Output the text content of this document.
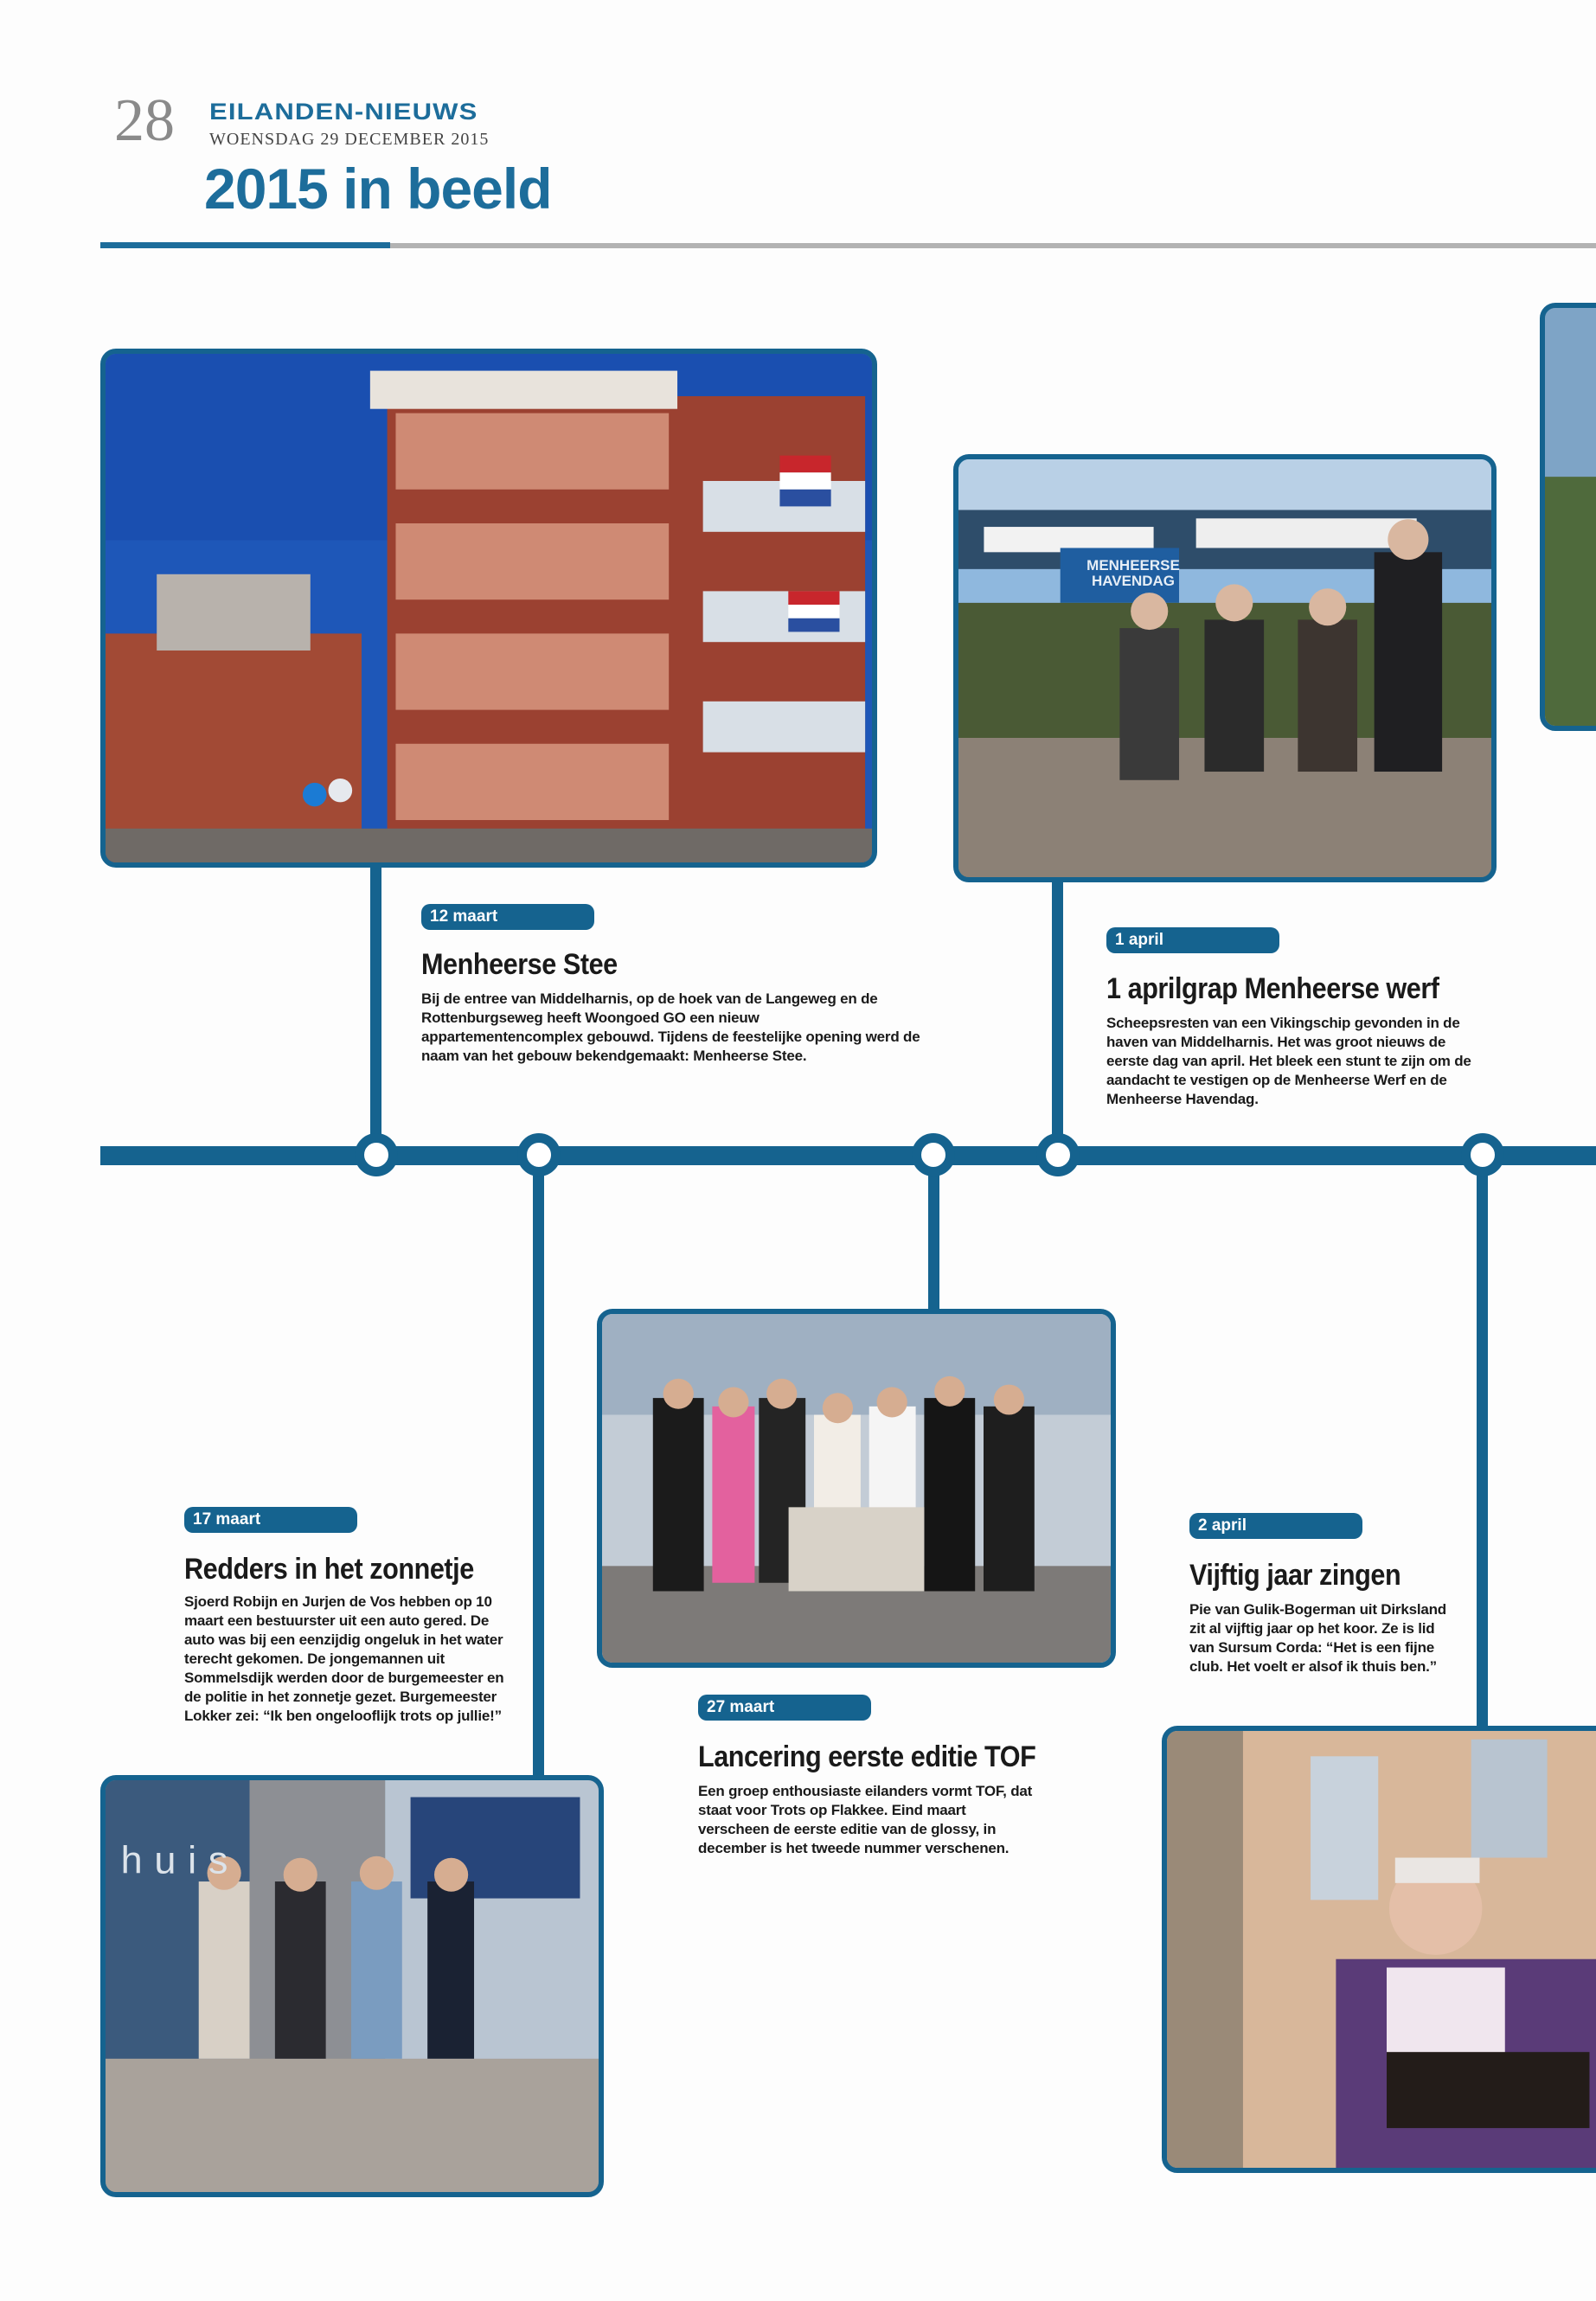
28 EILANDEN-NIEUWS
WOENSDAG 29 DECEMBER 2015
2015 in beeld
huis
12 maart
Menheerse Stee
Bij de entree van Middelharnis, op de hoek van de Langeweg en de Rottenburgseweg heeft Woongoed GO een nieuw appartementencomplex gebouwd. Tijdens de feestelijke opening werd de naam van het gebouw bekendgemaakt: Menheerse Stee.
1 april
1 aprilgrap Menheerse werf
Scheepsresten van een Vikingschip gevonden in de haven van Middelharnis. Het was groot nieuws de eerste dag van april. Het bleek een stunt te zijn om de aandacht te vestigen op de Menheerse Werf en de Menheerse Havendag.
17 maart
Redders in het zonnetje
Sjoerd Robijn en Jurjen de Vos hebben op 10 maart een bestuurster uit een auto gered. De auto was bij een eenzijdig ongeluk in het water terecht gekomen. De jongemannen uit Sommelsdijk werden door de burgemeester en de politie in het zonnetje gezet. Burgemeester Lokker zei: “Ik ben ongelooflijk trots op jullie!”	27 maart
Lancering eerste editie TOF
Een groep enthousiaste eilanders vormt TOF, dat staat voor Trots op Flakkee. Eind maart verscheen de eerste editie van de glossy, in december is het tweede nummer verschenen.
2 april
Vijftig jaar zingen
Pie van Gulik-Bogerman uit Dirksland zit al vijftig jaar op het koor. Ze is lid van Sursum Corda: “Het is een fijne club. Het voelt er alsof ik thuis ben.”
MENHEERSE HAVENDAG
